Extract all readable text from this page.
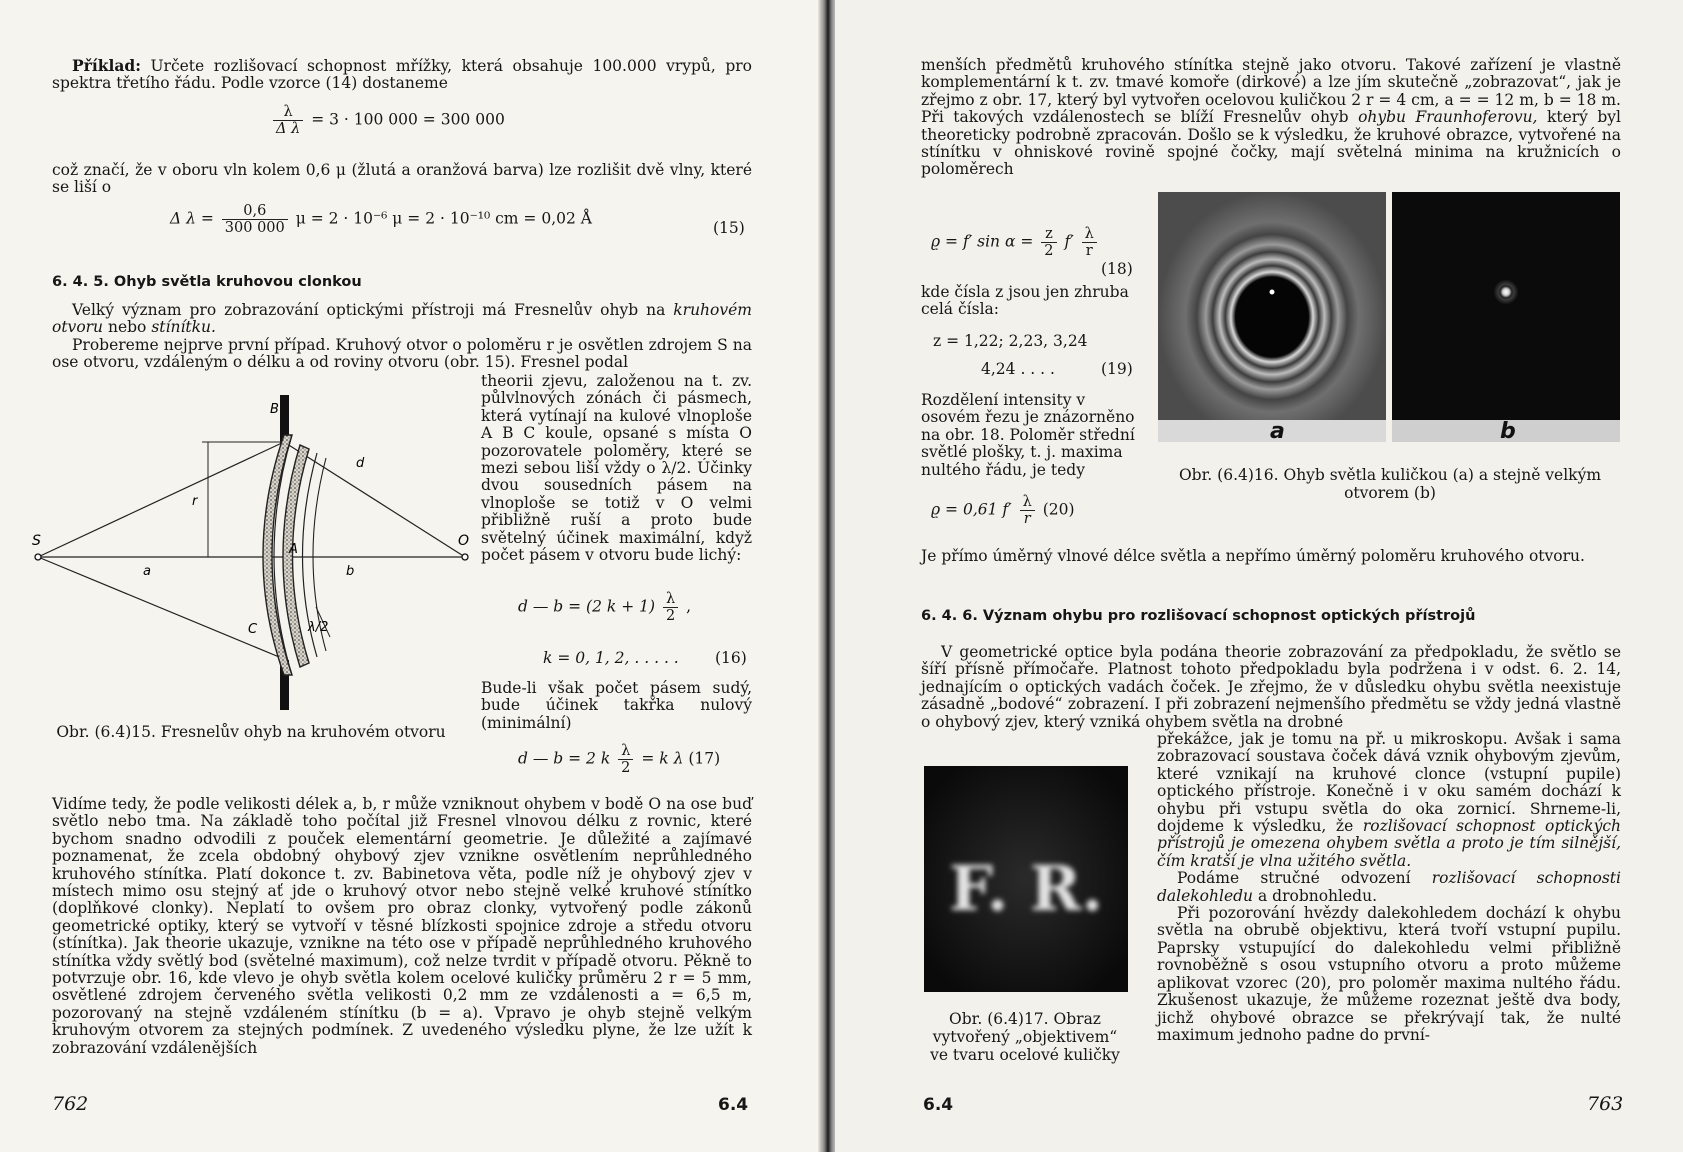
Příklad: Určete rozlišovací schopnost mřížky, která obsahuje 100.000 vrypů, pro spektra třetího řádu. Podle vzorce (14) dostaneme

$\frac{\lambda}{\text{Δ λ}} = 3 \cdot 100$ 000 = 300 000

což značí, že v oboru vln kolem 0,6 μ (žlutá a oranžová barva) lze rozlišit dvě vlny, které se liší o

Δ $\lambda = \frac{0,6}{300 000}$ μ = 2 · 10⁻⁶ μ = 2 · 10⁻¹⁰ cm = 0,02 Å
(15)
6. 4. 5. Ohyb světla kruhovou clonkou

Velký význam pro zobrazování optickými přístroji má Fresnelův ohyb na kruhovém otvoru nebo stínítku.

Probereme nejprve první případ. Kruhový otvor o poloměru r je osvětlen zdrojem S na ose otvoru, vzdáleným o délku a od roviny otvoru (obr. 15). Fresnel podal

theorii zjevu, založenou na t. zv. půlvlnových zónách či pásmech, která vytínají na kulové vlnoploše A B C koule, opsané s místa O pozorovatele poloměry, které se mezi sebou liší vždy o λ/2. Účinky dvou sousedních pásem na vlnoploše se totiž v O velmi přibližně ruší a proto bude světelný účinek maximální, když počet pásem v otvoru bude lichý:

S	O
A
B
C
a	b
d
r
λ/2
d — b = (2 $k + 1) \frac{\lambda}{2}$ ,
k = 0, 1, 2, . . . . . (16)

Bude-li však počet pásem sudý, bude účinek takřka nulový (minimální)

d — b = 2 k $\frac{\lambda}{2} = k$ λ (17)
Obr. (6.4)15. Fresnelův ohyb na kruhovém otvoru

Vidíme tedy, že podle velikosti délek a, b, r může vzniknout ohybem v bodě O na ose buď světlo nebo tma. Na základě toho počítal již Fresnel vlnovou délku z rovnic, které bychom snadno odvodili z pouček elementární geometrie. Je důležité a zajímavé poznamenat, že zcela obdobný ohybový zjev vznikne osvětlením neprůhledného kruhového stínítka. Platí dokonce t. zv. Babinetova věta, podle níž je ohybový zjev v místech mimo osu stejný ať jde o kruhový otvor nebo stejně velké kruhové stínítko (doplňkové clonky). Neplatí to ovšem pro obraz clonky, vytvořený podle zákonů geometrické optiky, který se vytvoří v těsné blízkosti spojnice zdroje a středu otvoru (stínítka). Jak theorie ukazuje, vznikne na této ose v případě neprůhledného kruhového stínítka vždy světlý bod (světelné maximum), což nelze tvrdit v případě otvoru. Pěkně to potvrzuje obr. 16, kde vlevo je ohyb světla kolem ocelové kuličky průměru 2 r = 5 mm, osvětlené zdrojem červeného světla velikosti 0,2 mm ze vzdálenosti a = 6,5 m, pozorovaný na stejně vzdáleném stínítku (b = a). Vpravo je ohyb stejně velkým kruhovým otvorem za stejných podmínek. Z uvedeného výsledku plyne, že lze užít k zobrazování vzdálenějších

762	6.4

menších předmětů kruhového stínítka stejně jako otvoru. Takové zařízení je vlastně komplementární k t. zv. tmavé komoře (dirkové) a lze jím skutečně „zobrazovat“, jak je zřejmo z obr. 17, který byl vytvořen ocelovou kuličkou 2 r = 4 cm, a = = 12 m, b = 18 m. Při takových vzdálenostech se blíží Fresnelův ohyb ohybu Fraunhoferovu, který byl theoreticky podrobně zpracován. Došlo se k výsledku, že kruhové obrazce, vytvořené na stínítku v ohniskové rovině spojné čočky, mají světelná minima na kružnicích o poloměrech

a	b
Obr. (6.4)16. Ohyb světla kuličkou (a) a stejně velkým otvorem (b)
ϱ = f′ $\sin \alpha = \frac{z}{2} f' \frac{\lambda}{r}$
(18)

kde čísla z jsou jen zhruba celá čísla:

z = 1,22; 2,23, 3,24
4,24 . . . .	(19)

Rozdělení intensity v osovém řezu je znázorněno na obr. 18. Poloměr střední světlé plošky, t. j. maxima nultého řádu, je tedy

ϱ = 0,61 $f' \frac{\lambda}{r} (20)$

Je přímo úměrný vlnové délce světla a nepřímo úměrný poloměru kruhového otvoru.

6. 4. 6. Význam ohybu pro rozlišovací schopnost optických přístrojů

V geometrické optice byla podána theorie zobrazování za předpokladu, že světlo se šíří přísně přímočaře. Platnost tohoto předpokladu byla podržena i v odst. 6. 2. 14, jednajícím o optických vadách čoček. Je zřejmo, že v důsledku ohybu světla neexistuje zásadně „bodové“ zobrazení. I při zobrazení nejmenšího předmětu se vždy jedná vlastně o ohybový zjev, který vzniká ohybem světla na drobné

F. R.
Obr. (6.4)17. Obraz vytvořený „objektivem“ ve tvaru ocelové kuličky

překážce, jak je tomu na př. u mikroskopu. Avšak i sama zobrazovací soustava čoček dává vznik ohybovým zjevům, které vznikají na kruhové clonce (vstupní pupile) optického přístroje. Konečně i v oku samém dochází k ohybu při vstupu světla do oka zornicí. Shrneme-li, dojdeme k výsledku, že rozlišovací schopnost optických přístrojů je omezena ohybem světla a proto je tím silnější, čím kratší je vlna užitého světla.

Podáme stručné odvození rozlišovací schopnosti dalekohledu a drobnohledu.

Při pozorování hvězdy dalekohledem dochází k ohybu světla na obrubě objektivu, která tvoří vstupní pupilu. Paprsky vstupující do dalekohledu velmi přibližně rovnoběžně s osou vstupního otvoru a proto můžeme aplikovat vzorec (20), pro poloměr maxima nultého řádu. Zkušenost ukazuje, že můžeme rozeznat ještě dva body, jichž ohybové obrazce se překrývají tak, že nulté maximum jednoho padne do první-

6.4	763
